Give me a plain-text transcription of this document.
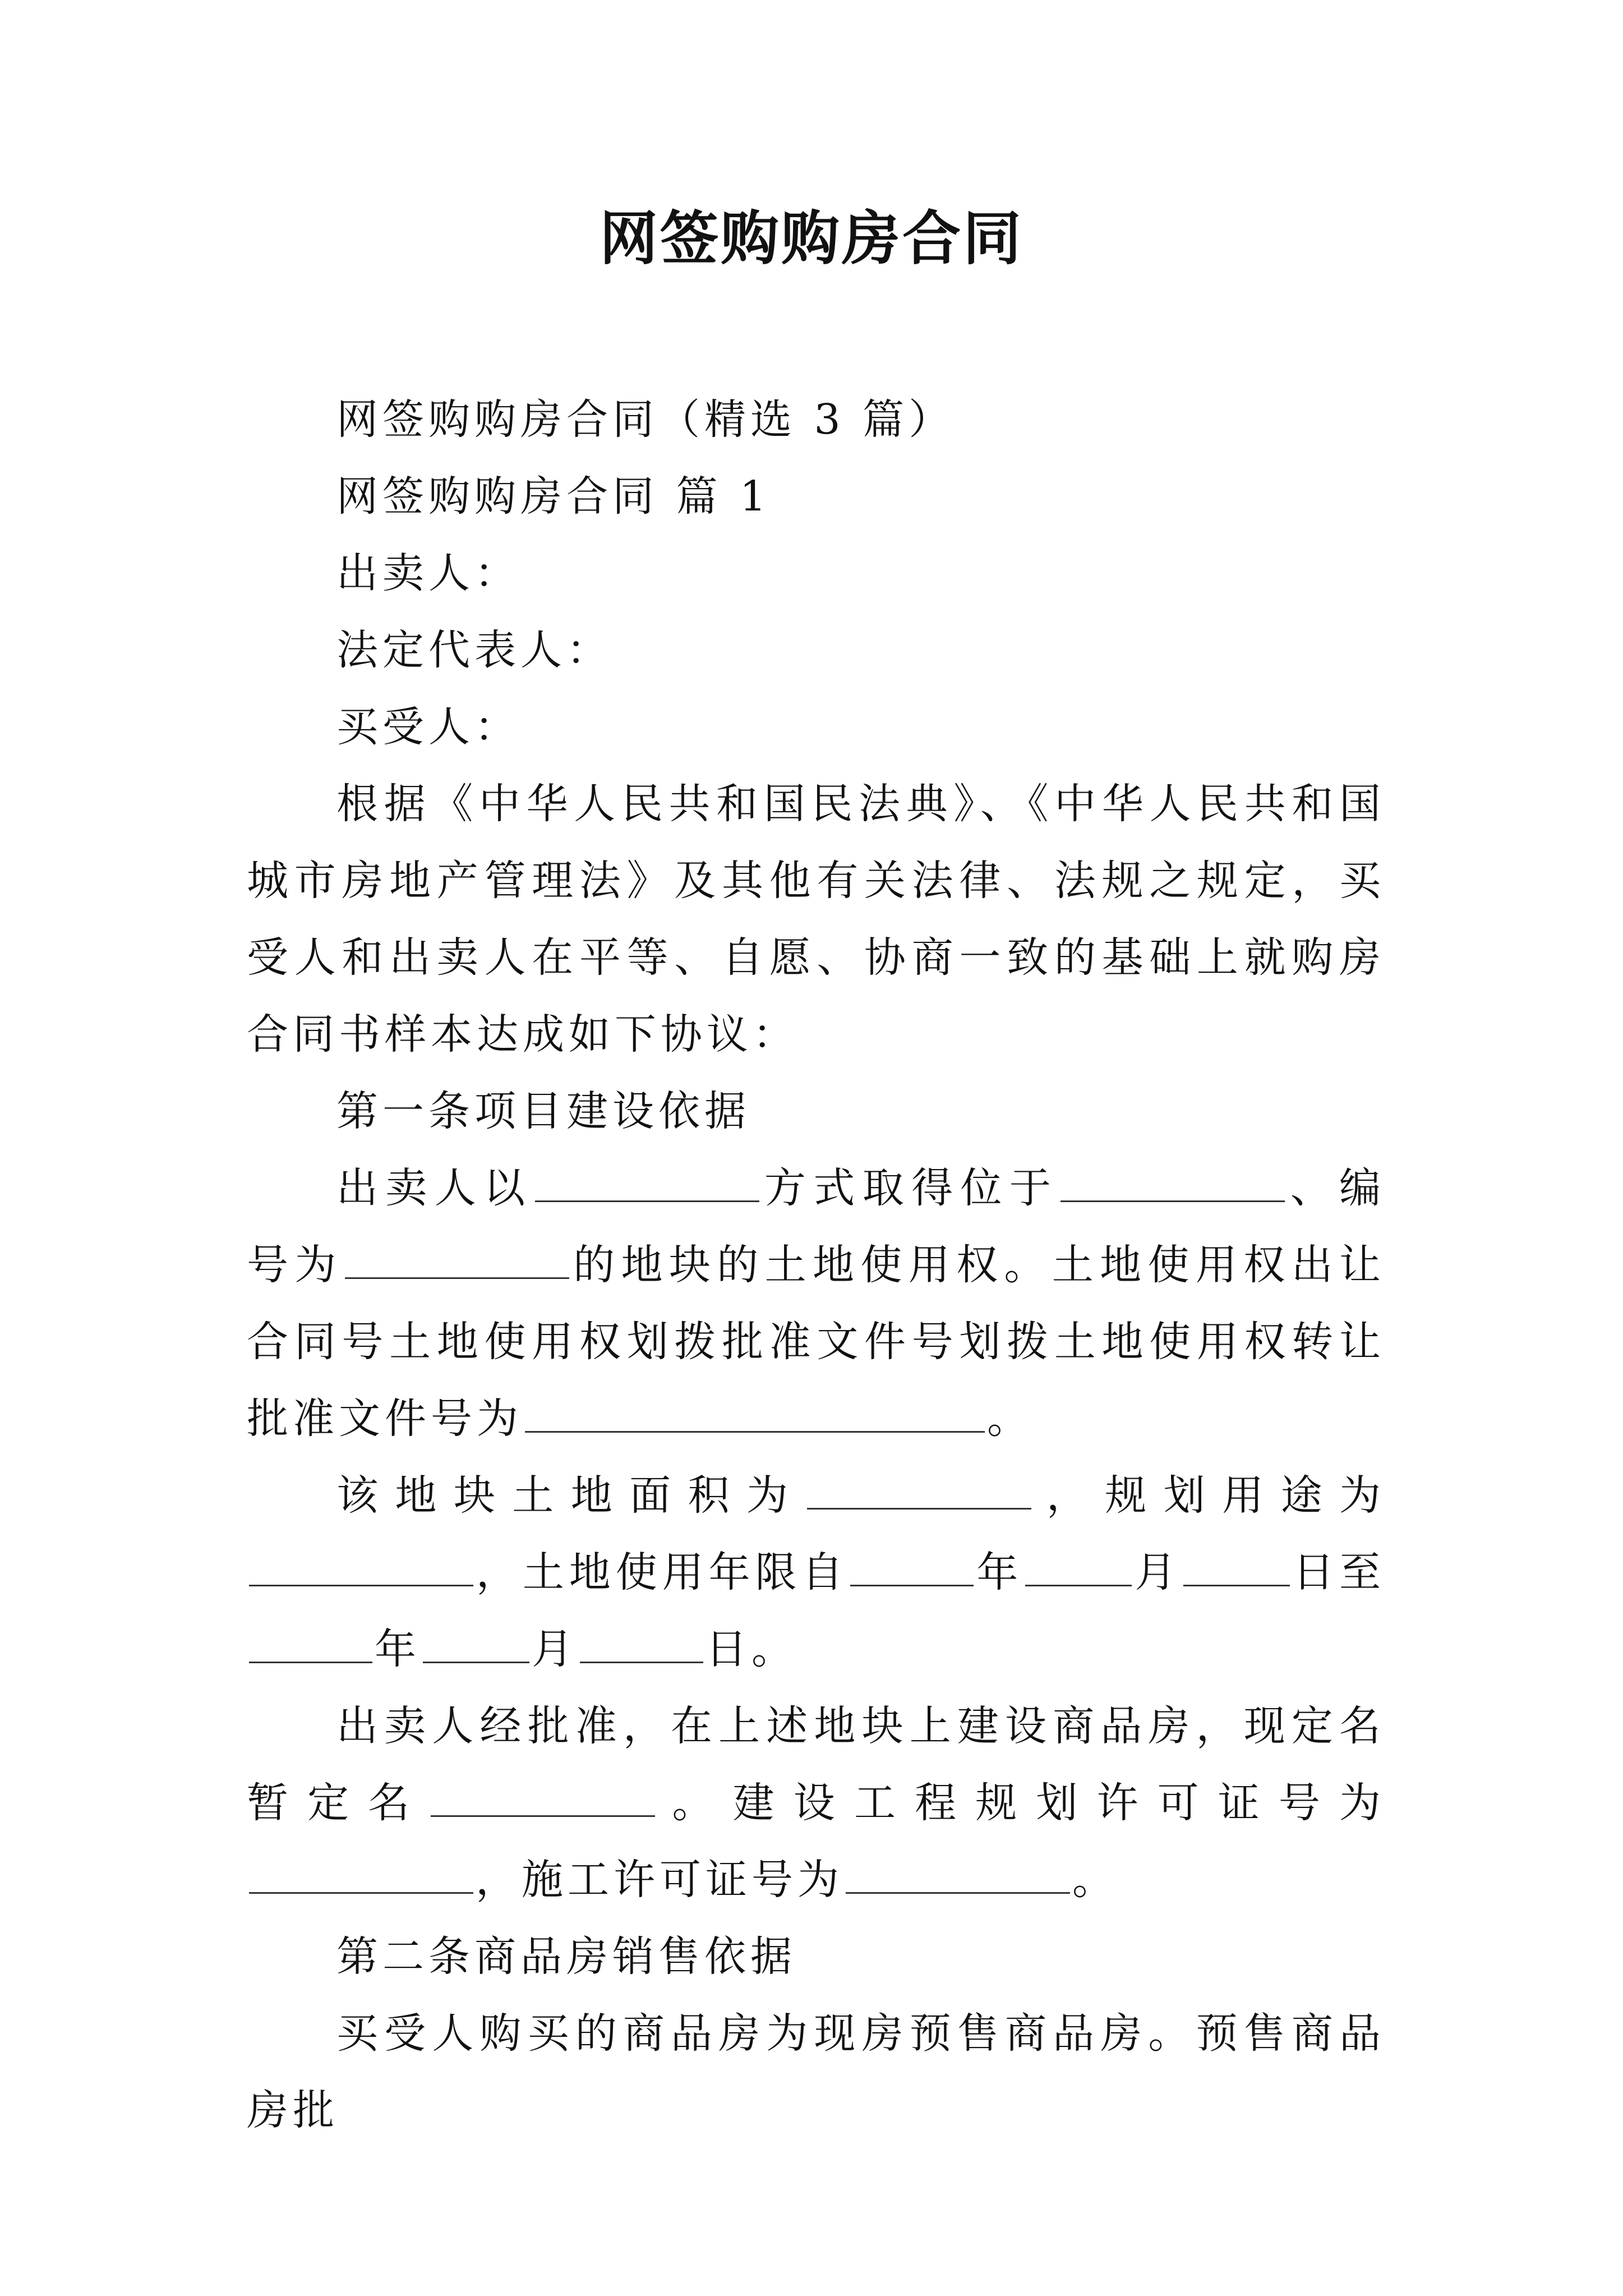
网签购购房合同

网签购购房合同（精选 3 篇）

网签购购房合同 篇 1

出卖人：

法定代表人：

买受人：

根据《中华人民共和国民法典》、《中华人民共和国城市房地产管理法》及其他有关法律、法规之规定，买受人和出卖人在平等、自愿、协商一致的基础上就购房合同书样本达成如下协议：

第一条项目建设依据

出卖人以	方式取得位于	、编号为	的地块的土地使用权。土地使用权出让合同号土地使用权划拨批准文件号划拨土地使用权转让批准文件号为	。

该地块土地面积为	，规划用途为，土地使用年限自	年	月	日至年	月	日。

出卖人经批准，在上述地块上建设商品房，现定名暂定名	。建设工程规划许可证号为，施工许可证号为	。

第二条商品房销售依据

买受人购买的商品房为现房预售商品房。预售商品房批
